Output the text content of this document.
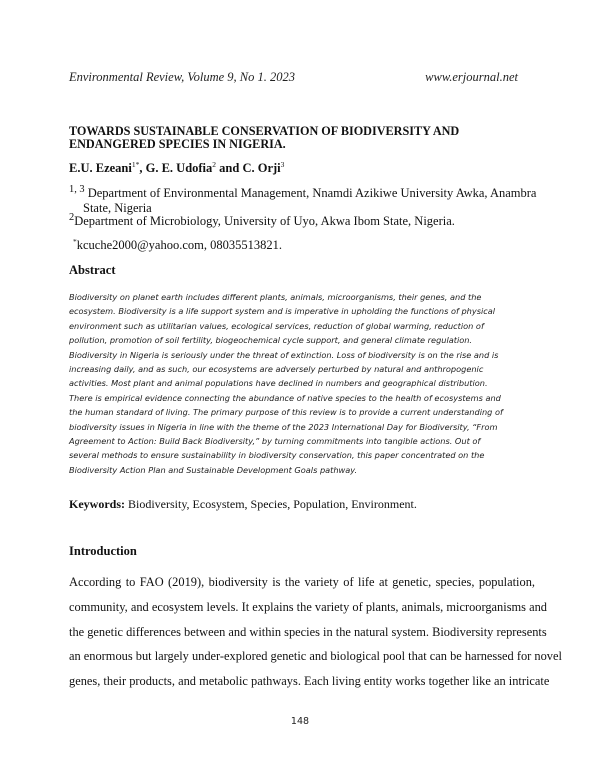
Environmental Review, Volume 9, No 1. 2023	www.erjournal.net
TOWARDS SUSTAINABLE CONSERVATION OF BIODIVERSITY AND
ENDANGERED SPECIES IN NIGERIA.
E.U. Ezeani$^{1*}$, G. E. Udofia$^2$ and C. Orji$^3$
$^{1, 3}$ Department of Environmental Management, Nnamdi Azikiwe University Awka, Anambra
State, Nigeria
$^2$Department of Microbiology, University of Uyo, Akwa Ibom State, Nigeria.
*kcuche2000@yahoo.com, 08035513821.
Abstract
Biodiversity on planet earth includes different plants, animals, microorganisms, their genes, and the
ecosystem. Biodiversity is a life support system and is imperative in upholding the functions of physical
environment such as utilitarian values, ecological services, reduction of global warming, reduction of
pollution, promotion of soil fertility, biogeochemical cycle support, and general climate regulation.
Biodiversity in Nigeria is seriously under the threat of extinction. Loss of biodiversity is on the rise and is
increasing daily, and as such, our ecosystems are adversely perturbed by natural and anthropogenic
activities. Most plant and animal populations have declined in numbers and geographical distribution.
There is empirical evidence connecting the abundance of native species to the health of ecosystems and
the human standard of living. The primary purpose of this review is to provide a current understanding of
biodiversity issues in Nigeria in line with the theme of the 2023 International Day for Biodiversity, “From
Agreement to Action: Build Back Biodiversity,” by turning commitments into tangible actions. Out of
several methods to ensure sustainability in biodiversity conservation, this paper concentrated on the
Biodiversity Action Plan and Sustainable Development Goals pathway.
Keywords: Biodiversity, Ecosystem, Species, Population, Environment.
Introduction
According to FAO (2019), biodiversity is the variety of life at genetic, species, population,
community, and ecosystem levels. It explains the variety of plants, animals, microorganisms and
the genetic differences between and within species in the natural system. Biodiversity represents
an enormous but largely under-explored genetic and biological pool that can be harnessed for novel
genes, their products, and metabolic pathways. Each living entity works together like an intricate
148
